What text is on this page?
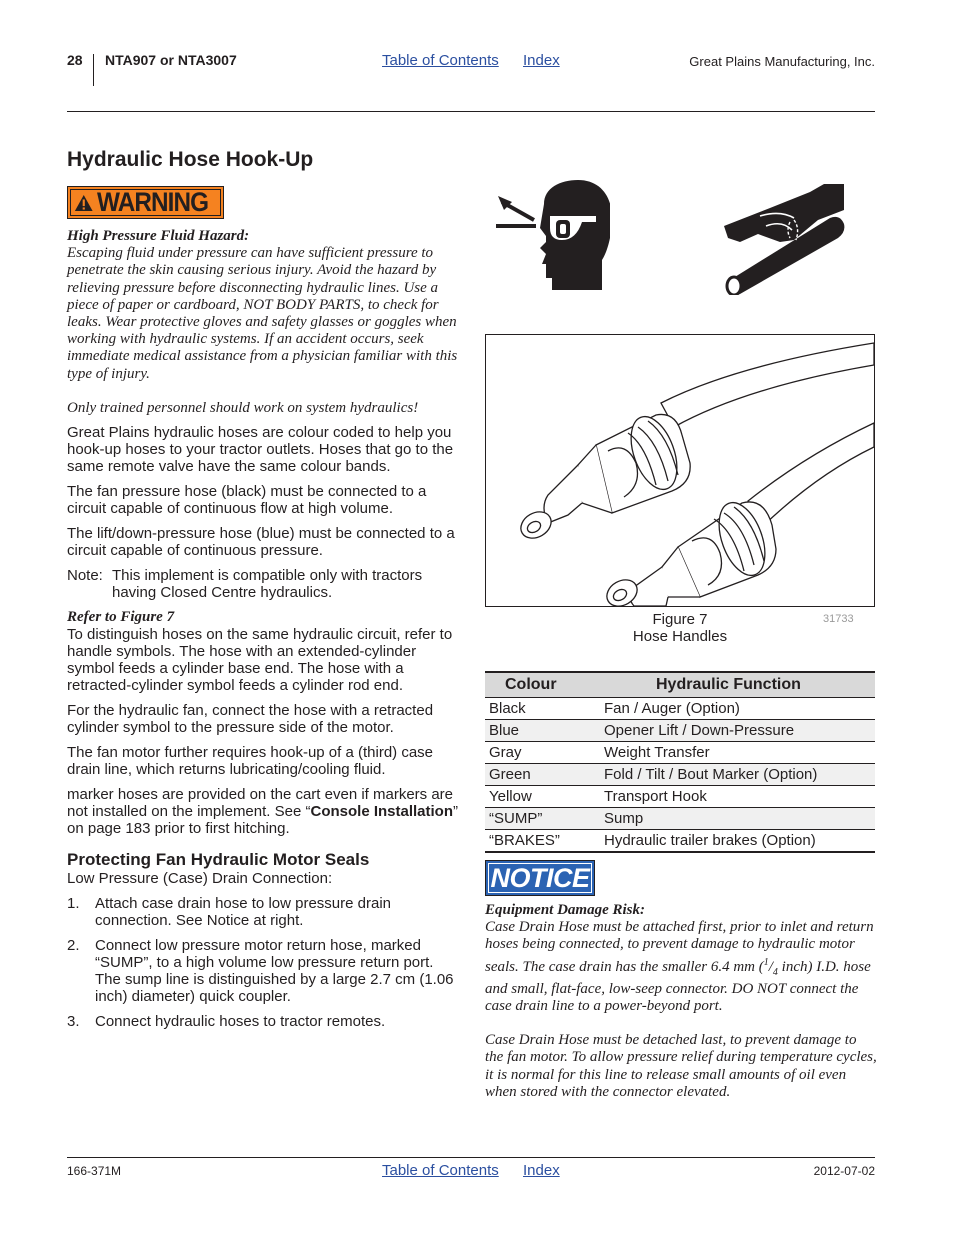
28 NTA907 or NTA3007	Table of Contents Index	Great Plains Manufacturing, Inc.
Hydraulic Hose Hook-Up
WARNING

High Pressure Fluid Hazard:

Escaping fluid under pressure can have sufficient pressure to penetrate the skin causing serious injury. Avoid the hazard by relieving pressure before disconnecting hydraulic lines. Use a piece of paper or cardboard, NOT BODY PARTS, to check for leaks. Wear protective gloves and safety glasses or goggles when working with hydraulic systems. If an accident occurs, seek immediate medical assistance from a physician familiar with this type of injury.

Only trained personnel should work on system hydraulics!

Great Plains hydraulic hoses are colour coded to help you hook-up hoses to your tractor outlets. Hoses that go to the same remote valve have the same colour bands.

The fan pressure hose (black) must be connected to a circuit capable of continuous flow at high volume.

The lift/down-pressure hose (blue) must be connected to a circuit capable of continuous pressure.

Note: This implement is compatible only with tractors having Closed Centre hydraulics.

Refer to Figure 7

To distinguish hoses on the same hydraulic circuit, refer to handle symbols. The hose with an extended-cylinder symbol feeds a cylinder base end. The hose with a retracted-cylinder symbol feeds a cylinder rod end.

For the hydraulic fan, connect the hose with a retracted cylinder symbol to the pressure side of the motor.

The fan motor further requires hook-up of a (third) case drain line, which returns lubricating/cooling fluid.

marker hoses are provided on the cart even if markers are not installed on the implement. See “Console Installation” on page 183 prior to first hitching.

Protecting Fan Hydraulic Motor Seals

Low Pressure (Case) Drain Connection:

1.	Attach case drain hose to low pressure drain connection. See Notice at right.
2.	Connect low pressure motor return hose, marked “SUMP”, to a high volume low pressure return port. The sump line is distinguished by a large 2.7 cm (1.06 inch) diameter) quick coupler.
3.	Connect hydraulic hoses to tractor remotes.
Figure 7
Hose Handles
31733
Colour	Hydraulic Function
Black	Fan / Auger (Option)
Blue	Opener Lift / Down-Pressure
Gray	Weight Transfer
Green	Fold / Tilt / Bout Marker (Option)
Yellow	Transport Hook
“SUMP”	Sump
“BRAKES”	Hydraulic trailer brakes (Option)
NOTICE

Equipment Damage Risk:

Case Drain Hose must be attached first, prior to inlet and return hoses being connected, to prevent damage to hydraulic motor seals. The case drain has the smaller 6.4 mm ($^1/_4$ inch) I.D. hose and small, flat-face, low-seep connector. DO NOT connect the case drain line to a power-beyond port.

Case Drain Hose must be detached last, to prevent damage to the fan motor. To allow pressure relief during temperature cycles, it is normal for this line to release small amounts of oil even when stored with the connector elevated.

166-371M	Table of Contents Index	2012-07-02
